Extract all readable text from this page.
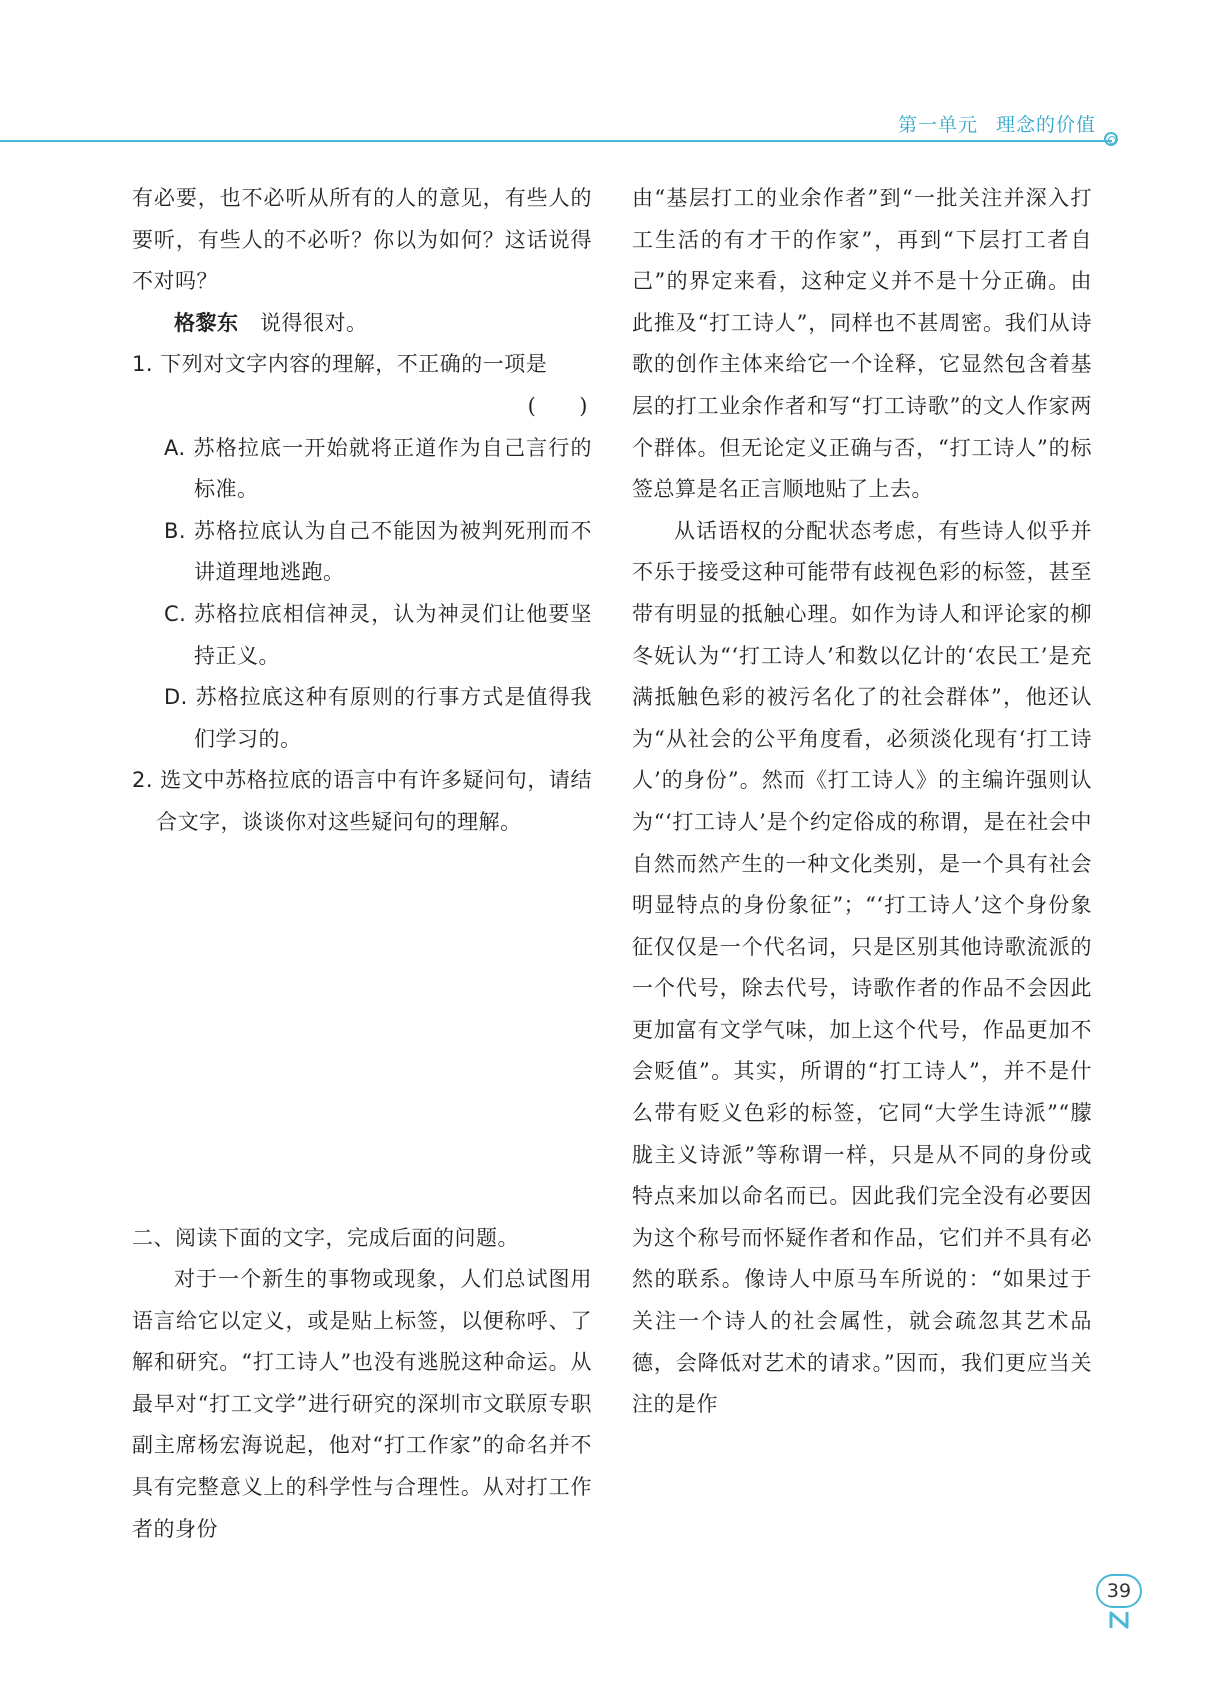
第一单元 理念的价值

有必要，也不必听从所有的人的意见，有些人的要听，有些人的不必听？你以为如何？这话说得不对吗？

格黎东　 说得很对。

1. 下列对文字内容的理解，不正确的一项是

(　　)

A. 苏格拉底一开始就将正道作为自己言行的标准。

B. 苏格拉底认为自己不能因为被判死刑而不讲道理地逃跑。

C. 苏格拉底相信神灵，认为神灵们让他要坚持正义。

D. 苏格拉底这种有原则的行事方式是值得我们学习的。

2. 选文中苏格拉底的语言中有许多疑问句，请结合文字，谈谈你对这些疑问句的理解。

二、阅读下面的文字，完成后面的问题。

对于一个新生的事物或现象，人们总试图用语言给它以定义，或是贴上标签，以便称呼、了解和研究。“打工诗人”也没有逃脱这种命运。从最早对“打工文学”进行研究的深圳市文联原专职副主席杨宏海说起，他对“打工作家”的命名并不具有完整意义上的科学性与合理性。从对打工作者的身份

由“基层打工的业余作者”到“一批关注并深入打工生活的有才干的作家”，再到“下层打工者自己”的界定来看，这种定义并不是十分正确。由此推及“打工诗人”，同样也不甚周密。我们从诗歌的创作主体来给它一个诠释，它显然包含着基层的打工业余作者和写“打工诗歌”的文人作家两个群体。但无论定义正确与否，“打工诗人”的标签总算是名正言顺地贴了上去。

从话语权的分配状态考虑，有些诗人似乎并不乐于接受这种可能带有歧视色彩的标签，甚至带有明显的抵触心理。如作为诗人和评论家的柳冬妩认为“‘打工诗人’和数以亿计的‘农民工’是充满抵触色彩的被污名化了的社会群体”，他还认为“从社会的公平角度看，必须淡化现有‘打工诗人’的身份”。然而《打工诗人》的主编许强则认为“‘打工诗人’是个约定俗成的称谓，是在社会中自然而然产生的一种文化类别，是一个具有社会明显特点的身份象征”；“‘打工诗人’这个身份象征仅仅是一个代名词，只是区别其他诗歌流派的一个代号，除去代号，诗歌作者的作品不会因此更加富有文学气味，加上这个代号，作品更加不会贬值”。其实，所谓的“打工诗人”，并不是什么带有贬义色彩的标签，它同“大学生诗派”“朦胧主义诗派”等称谓一样，只是从不同的身份或特点来加以命名而已。因此我们完全没有必要因为这个称号而怀疑作者和作品，它们并不具有必然的联系。像诗人中原马车所说的：“如果过于关注一个诗人的社会属性，就会疏忽其艺术品德，会降低对艺术的请求。”因而，我们更应当关注的是作

39
